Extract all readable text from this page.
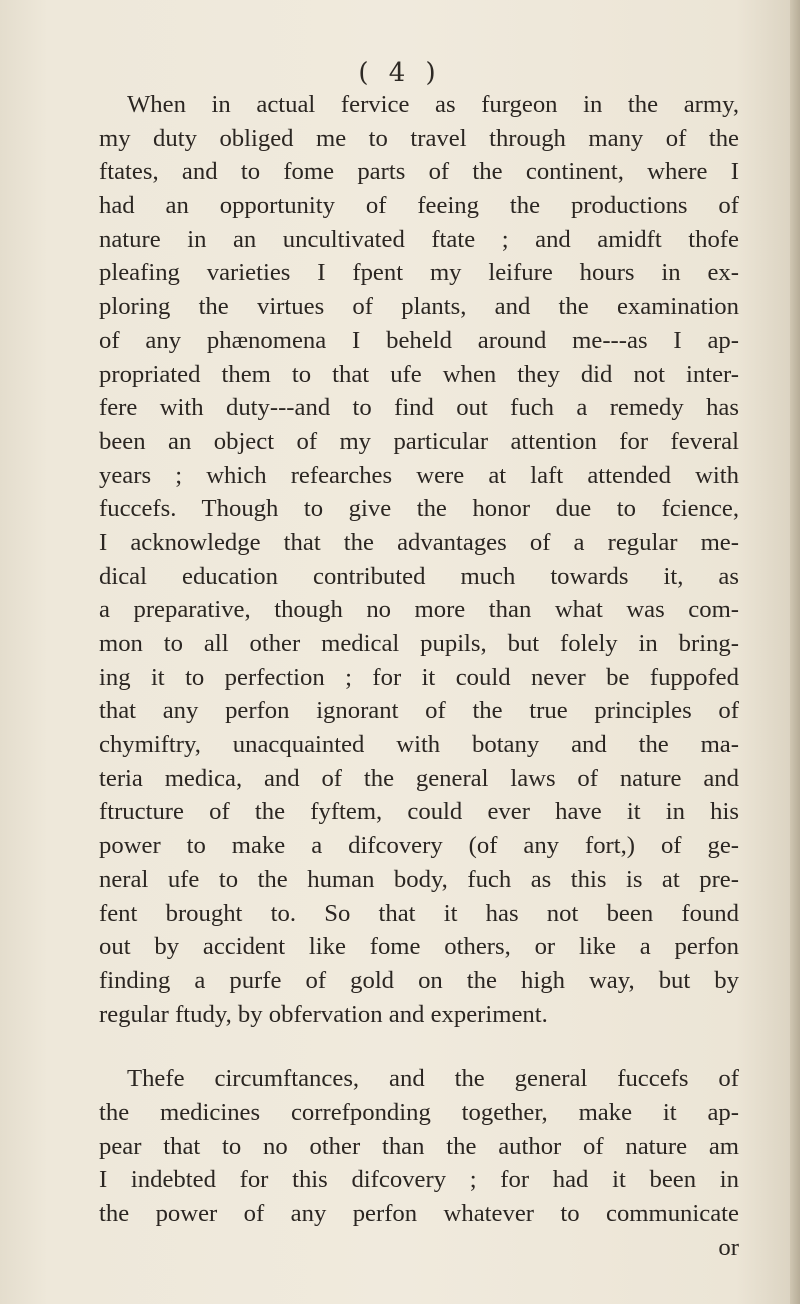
( 4 )
When in actual fervice as furgeon in the army,
my duty obliged me to travel through many of the
ftates, and to fome parts of the continent, where I
had an opportunity of feeing the productions of
nature in an uncultivated ftate ; and amidft thofe
pleafing varieties I fpent my leifure hours in ex-
ploring the virtues of plants, and the examination
of any phænomena I beheld around me---as I ap-
propriated them to that ufe when they did not inter-
fere with duty---and to find out fuch a remedy has
been an object of my particular attention for feveral
years ; which refearches were at laft attended with
fuccefs. Though to give the honor due to fcience,
I acknowledge that the advantages of a regular me-
dical education contributed much towards it, as
a preparative, though no more than what was com-
mon to all other medical pupils, but folely in bring-
ing it to perfection ; for it could never be fuppofed
that any perfon ignorant of the true principles of
chymiftry, unacquainted with botany and the ma-
teria medica, and of the general laws of nature and
ftructure of the fyftem, could ever have it in his
power to make a difcovery (of any fort,) of ge-
neral ufe to the human body, fuch as this is at pre-
fent brought to. So that it has not been found
out by accident like fome others, or like a perfon
finding a purfe of gold on the high way, but by
regular ftudy, by obfervation and experiment.
Thefe circumftances, and the general fuccefs of
the medicines correfponding together, make it ap-
pear that to no other than the author of nature am
I indebted for this difcovery ; for had it been in
the power of any perfon whatever to communicate
or
